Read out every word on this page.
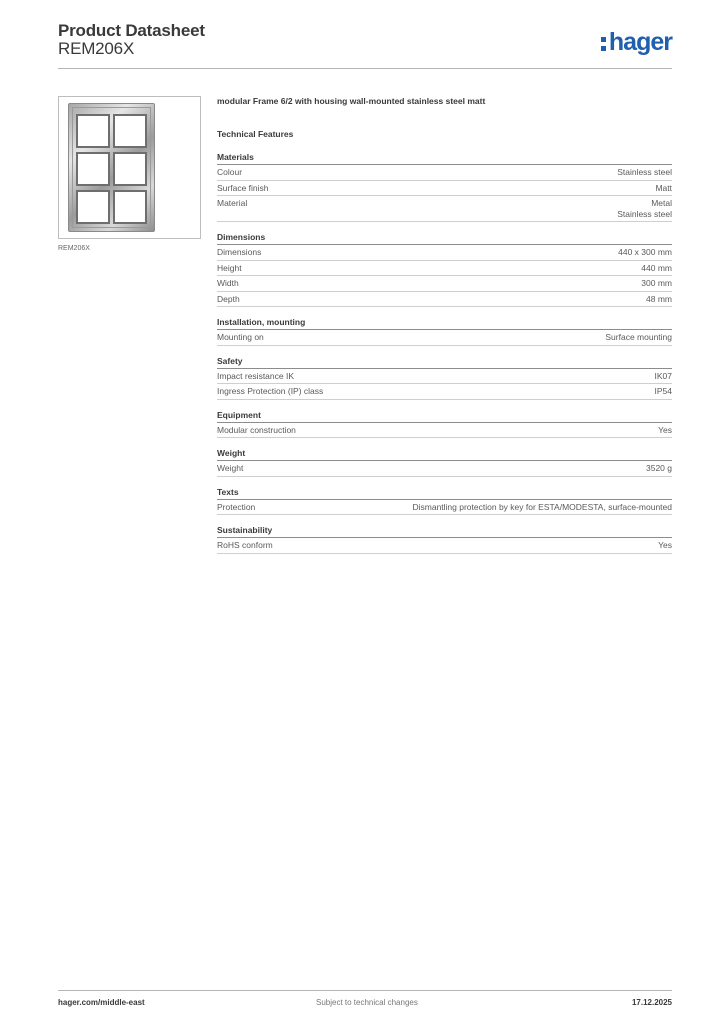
Product Datasheet
REM206X	hager
REM206X
modular Frame 6/2 with housing wall-mounted stainless steel matt
Technical Features
Materials
Colour	Stainless steel
Surface finish	Matt
Material	Metal
Stainless steel
Dimensions
Dimensions	440 x 300 mm
Height	440 mm
Width	300 mm
Depth	48 mm
Installation, mounting
Mounting on	Surface mounting
Safety
Impact resistance IK	IK07
Ingress Protection (IP) class	IP54
Equipment
Modular construction	Yes
Weight
Weight	3520 g
Texts
Protection	Dismantling protection by key for ESTA/MODESTA, surface-mounted
Sustainability
RoHS conform	Yes
hager.com/middle-east	Subject to technical changes	17.12.2025
